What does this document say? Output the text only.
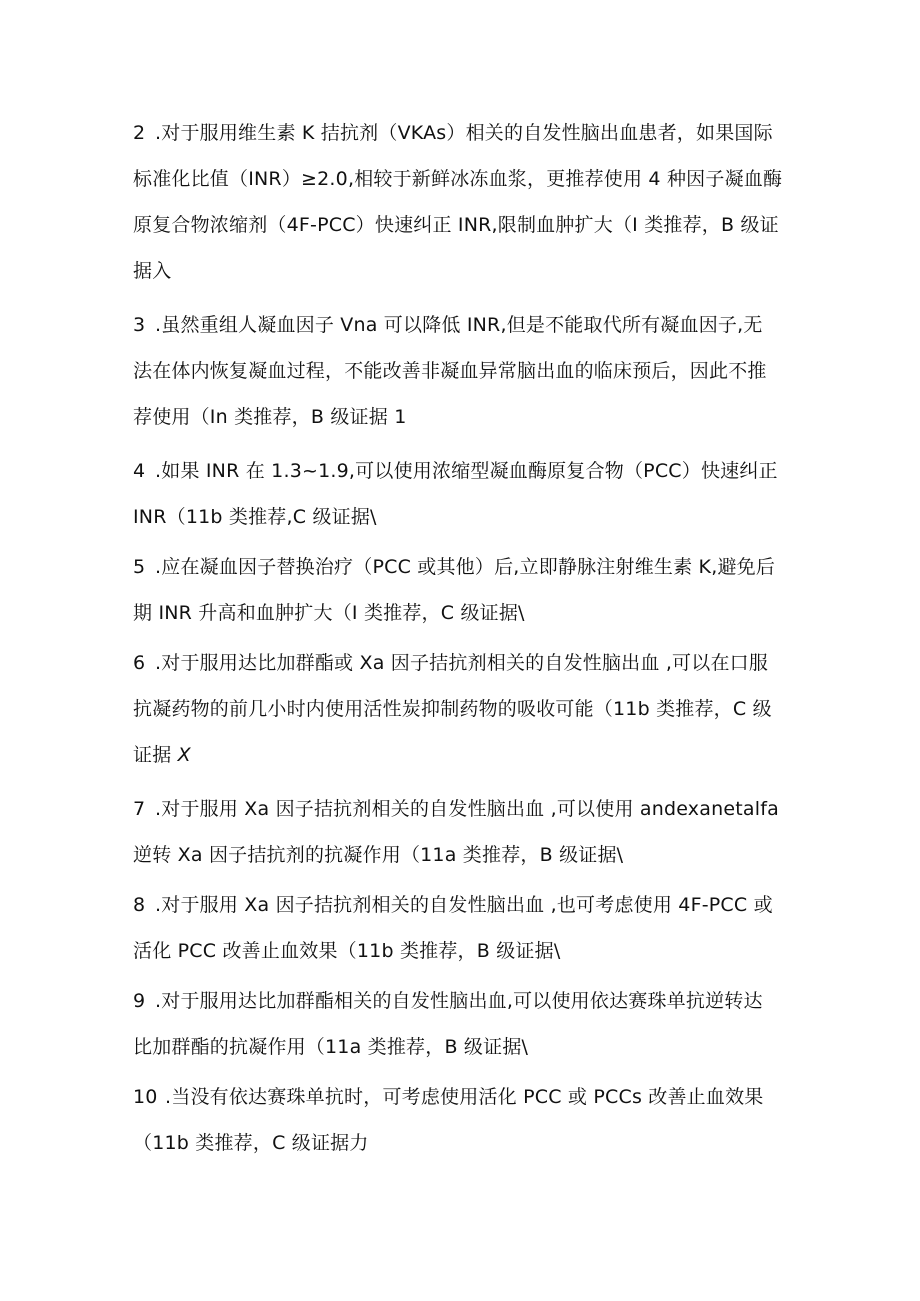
2 .对于服用维生素 K 拮抗剂（VKAs）相关的自发性脑出血患者，如果国际
标准化比值（INR）≥2.0,相较于新鲜冰冻血浆，更推荐使用 4 种因子凝血酶
原复合物浓缩剂（4F-PCC）快速纠正 INR,限制血肿扩大（I 类推荐，B 级证
据入
3 .虽然重组人凝血因子 Vna 可以降低 INR,但是不能取代所有凝血因子,无
法在体内恢复凝血过程，不能改善非凝血异常脑出血的临床预后，因此不推
荐使用（In 类推荐，B 级证据 1
4 .如果 INR 在 1.3~1.9,可以使用浓缩型凝血酶原复合物（PCC）快速纠正
INR（11b 类推荐,C 级证据\
5 .应在凝血因子替换治疗（PCC 或其他）后,立即静脉注射维生素 K,避免后
期 INR 升高和血肿扩大（I 类推荐，C 级证据\
6 .对于服用达比加群酯或 Xa 因子拮抗剂相关的自发性脑出血 ,可以在口服
抗凝药物的前几小时内使用活性炭抑制药物的吸收可能（11b 类推荐，C 级
证据 X
7 .对于服用 Xa 因子拮抗剂相关的自发性脑出血 ,可以使用 andexanetalfa
逆转 Xa 因子拮抗剂的抗凝作用（11a 类推荐，B 级证据\
8 .对于服用 Xa 因子拮抗剂相关的自发性脑出血 ,也可考虑使用 4F-PCC 或
活化 PCC 改善止血效果（11b 类推荐，B 级证据\
9 .对于服用达比加群酯相关的自发性脑出血,可以使用依达赛珠单抗逆转达
比加群酯的抗凝作用（11a 类推荐，B 级证据\
10 .当没有依达赛珠单抗时，可考虑使用活化 PCC 或 PCCs 改善止血效果
（11b 类推荐，C 级证据力
